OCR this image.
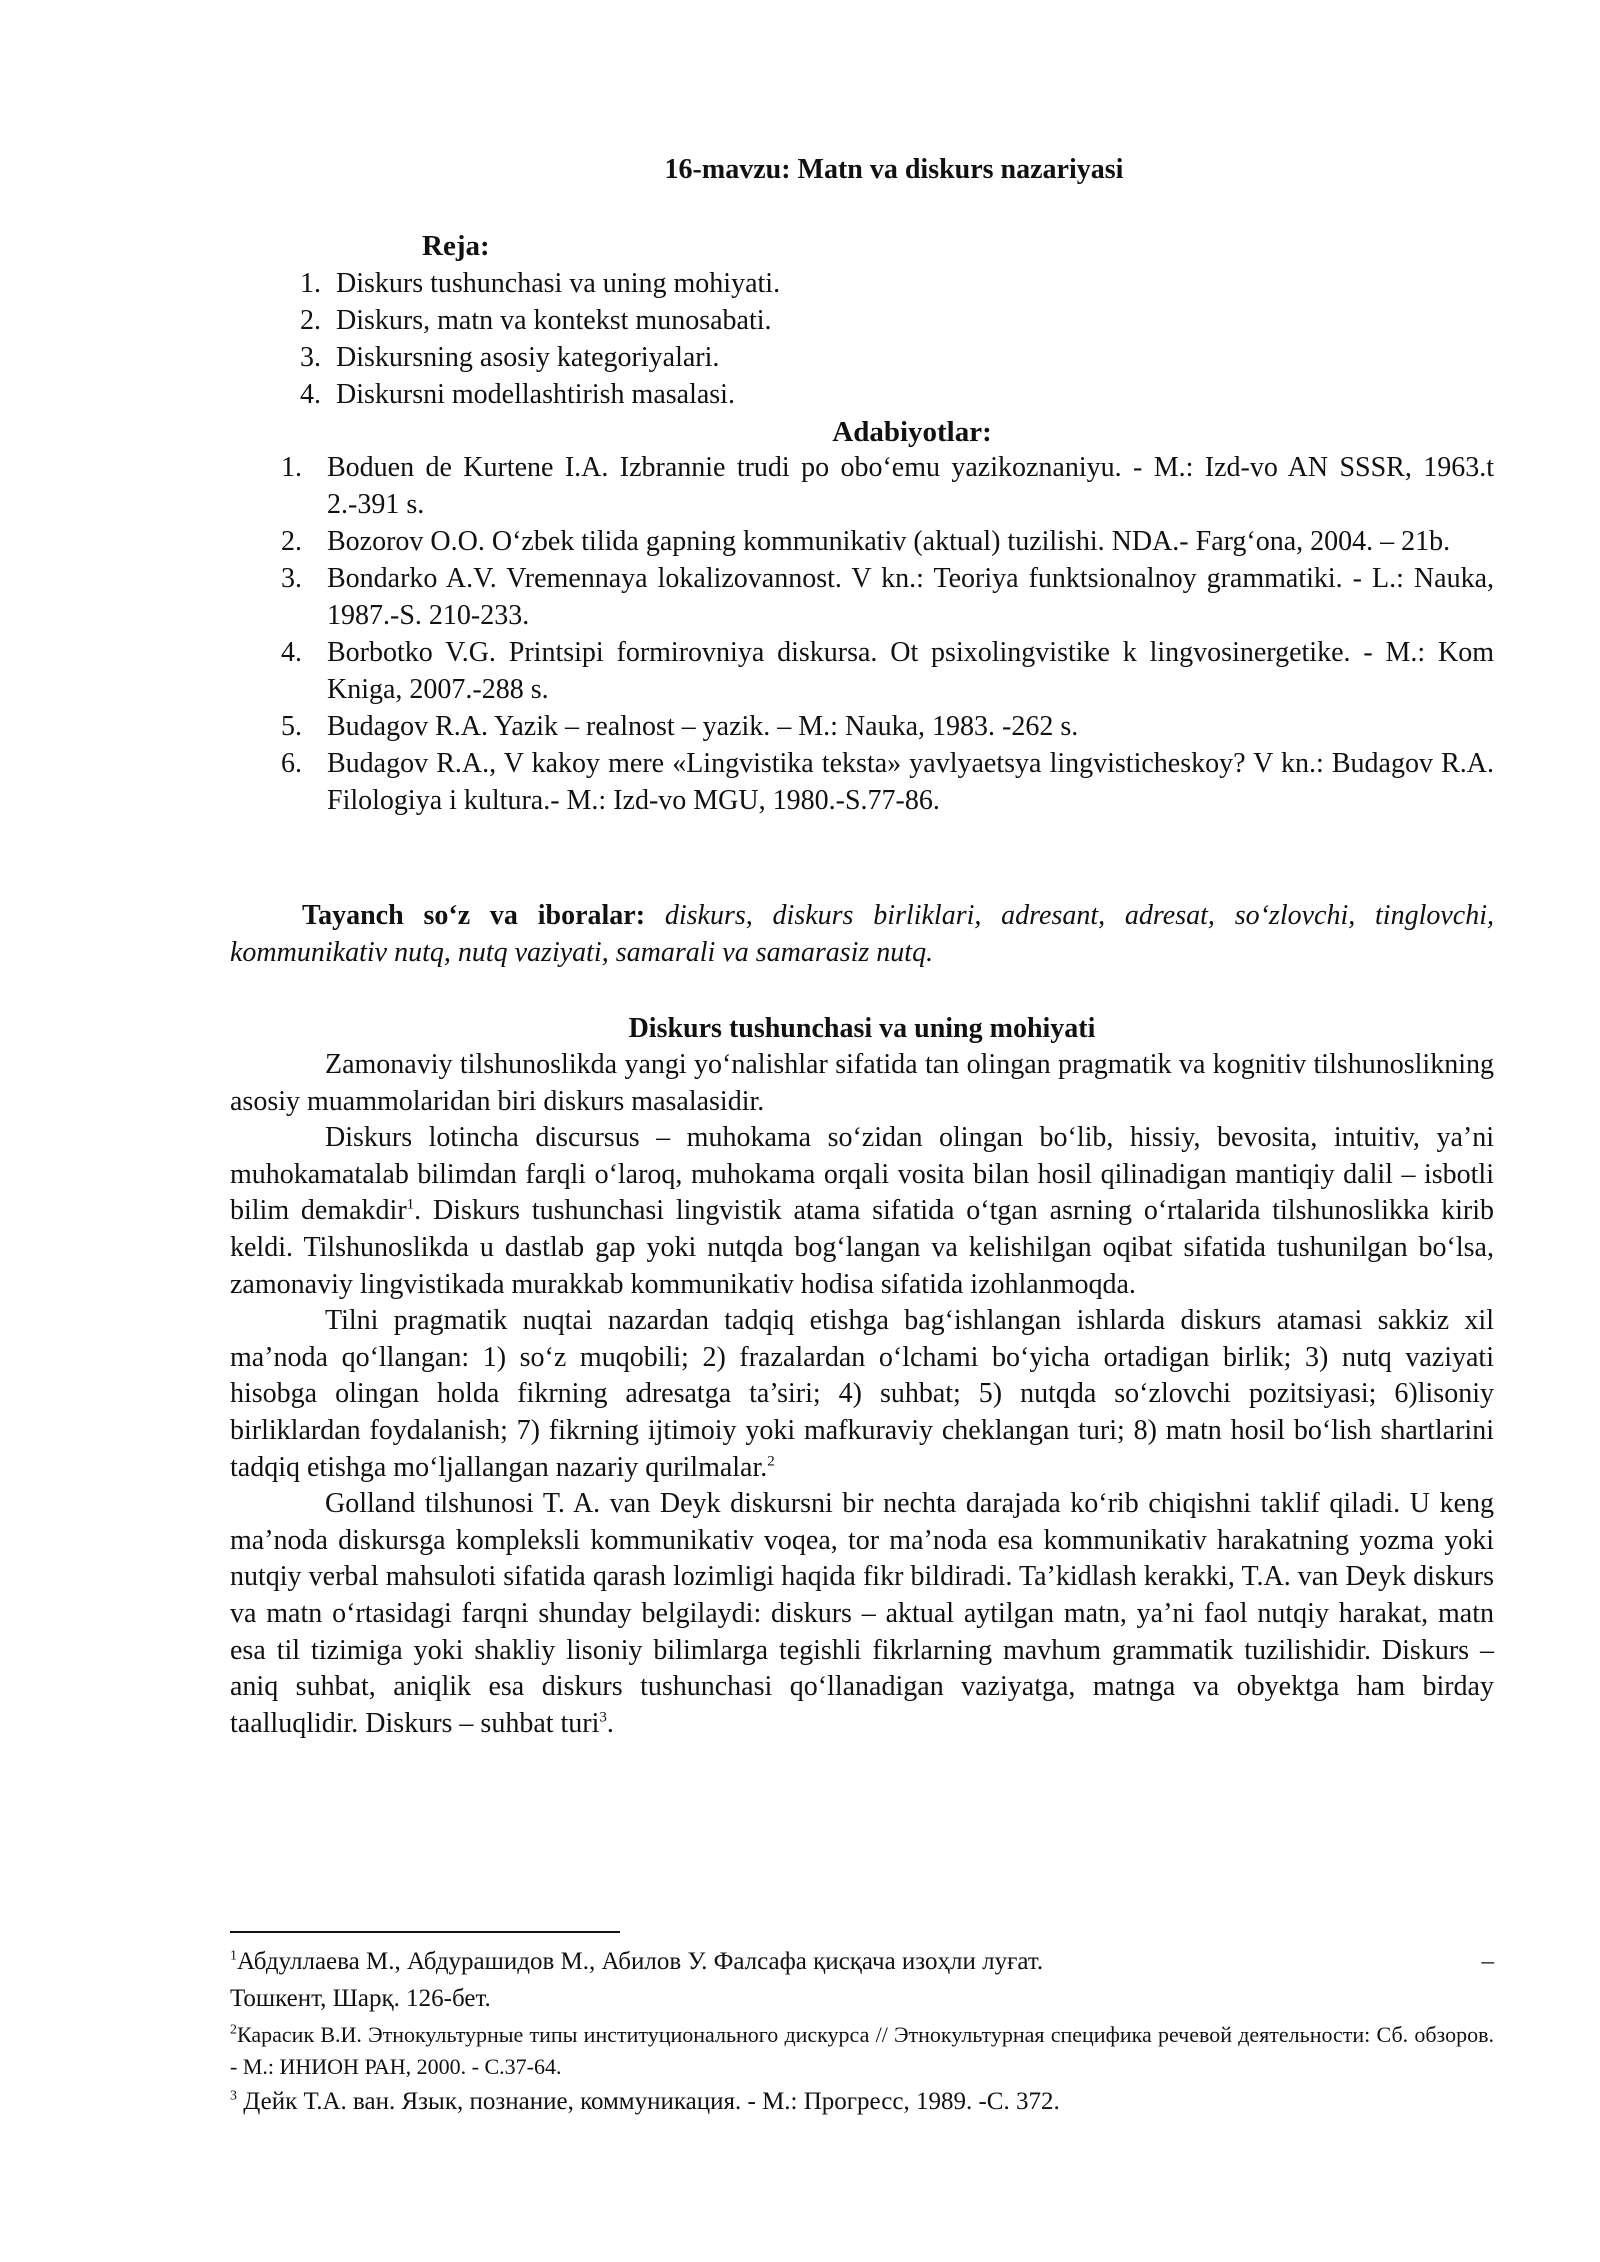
16-mavzu: Matn va diskurs nazariyasi
Reja:
1. Diskurs tushunchasi va uning mohiyati.
2. Diskurs, matn va kontekst munosabati.
3. Diskursning asosiy kategoriyalari.
4. Diskursni modellashtirish masalasi.
Adabiyotlar:
1. Boduen de Kurtene I.A. Izbrannie trudi po obo‘emu yazikoznaniyu. - M.: Izd-vo AN SSSR, 1963.t 2.-391 s.
2. Bozorov O.O. O‘zbek tilida gapning kommunikativ (aktual) tuzilishi. NDA.- Farg‘ona, 2004. – 21b.
3. Bondarko A.V. Vremennaya lokalizovannost. V kn.: Teoriya funktsionalnoy grammatiki. - L.: Nauka, 1987.-S. 210-233.
4. Borbotko V.G. Printsipi formirovniya diskursa. Ot psixolingvistike k lingvosinergetike. - M.: Kom Kniga, 2007.-288 s.
5. Budagov R.A. Yazik – realnost – yazik. – M.: Nauka, 1983. -262 s.
6. Budagov R.A., V kakoy mere «Lingvistika teksta» yavlyaetsya lingvisticheskoy? V kn.: Budagov R.A. Filologiya i kultura.- M.: Izd-vo MGU, 1980.-S.77-86.
Tayanch so‘z va iboralar: diskurs, diskurs birliklari, adresant, adresat, so‘zlovchi, tinglovchi, kommunikativ nutq, nutq vaziyati, samarali va samarasiz nutq.
Diskurs tushunchasi va uning mohiyati

Zamonaviy tilshunoslikda yangi yo‘nalishlar sifatida tan olingan pragmatik va kognitiv tilshunoslikning asosiy muammolaridan biri diskurs masalasidir.

Diskurs lotincha discursus – muhokama so‘zidan olingan bo‘lib, hissiy, bevosita, intuitiv, ya’ni muhokamatalab bilimdan farqli o‘laroq, muhokama orqali vosita bilan hosil qilinadigan mantiqiy dalil – isbotli bilim demakdir$^1$. Diskurs tushunchasi lingvistik atama sifatida o‘tgan asrning o‘rtalarida tilshunoslikka kirib keldi. Tilshunoslikda u dastlab gap yoki nutqda bog‘langan va kelishilgan oqibat sifatida tushunilgan bo‘lsa, zamonaviy lingvistikada murakkab kommunikativ hodisa sifatida izohlanmoqda.

Tilni pragmatik nuqtai nazardan tadqiq etishga bag‘ishlangan ishlarda diskurs atamasi sakkiz xil ma’noda qo‘llangan: 1) so‘z muqobili; 2) frazalardan o‘lchami bo‘yicha ortadigan birlik; 3) nutq vaziyati hisobga olingan holda fikrning adresatga ta’siri; 4) suhbat; 5) nutqda so‘zlovchi pozitsiyasi; 6)lisoniy birliklardan foydalanish; 7) fikrning ijtimoiy yoki mafkuraviy cheklangan turi; 8) matn hosil bo‘lish shartlarini tadqiq etishga mo‘ljallangan nazariy qurilmalar.$^2$

Golland tilshunosi T. A. van Deyk diskursni bir nechta darajada ko‘rib chiqishni taklif qiladi. U keng ma’noda diskursga kompleksli kommunikativ voqea, tor ma’noda esa kommunikativ harakatning yozma yoki nutqiy verbal mahsuloti sifatida qarash lozimligi haqida fikr bildiradi. Ta’kidlash kerakki, T.A. van Deyk diskurs va matn o‘rtasidagi farqni shunday belgilaydi: diskurs – aktual aytilgan matn, ya’ni faol nutqiy harakat, matn esa til tizimiga yoki shakliy lisoniy bilimlarga tegishli fikrlarning mavhum grammatik tuzilishidir. Diskurs – aniq suhbat, aniqlik esa diskurs tushunchasi qo‘llanadigan vaziyatga, matnga va obyektga ham birday taalluqlidir. Diskurs – suhbat turi$^3$.

$^1$Абдуллаева М., Абдурашидов М., Абилов У. Фалсафа қисқача изоҳли луғат.	–
Тошкент, Шарқ. 126-бет.
$^2$Карасик В.И. Этнокультурные типы институционального дискурса // Этнокультурная специфика речевой деятельности: Сб. обзоров. - М.: ИНИОН РАН, 2000. - С.37-64.
$^3$ Дейк Т.А. ван. Язык, познание, коммуникация. - М.: Прогресс, 1989. -С. 372.
